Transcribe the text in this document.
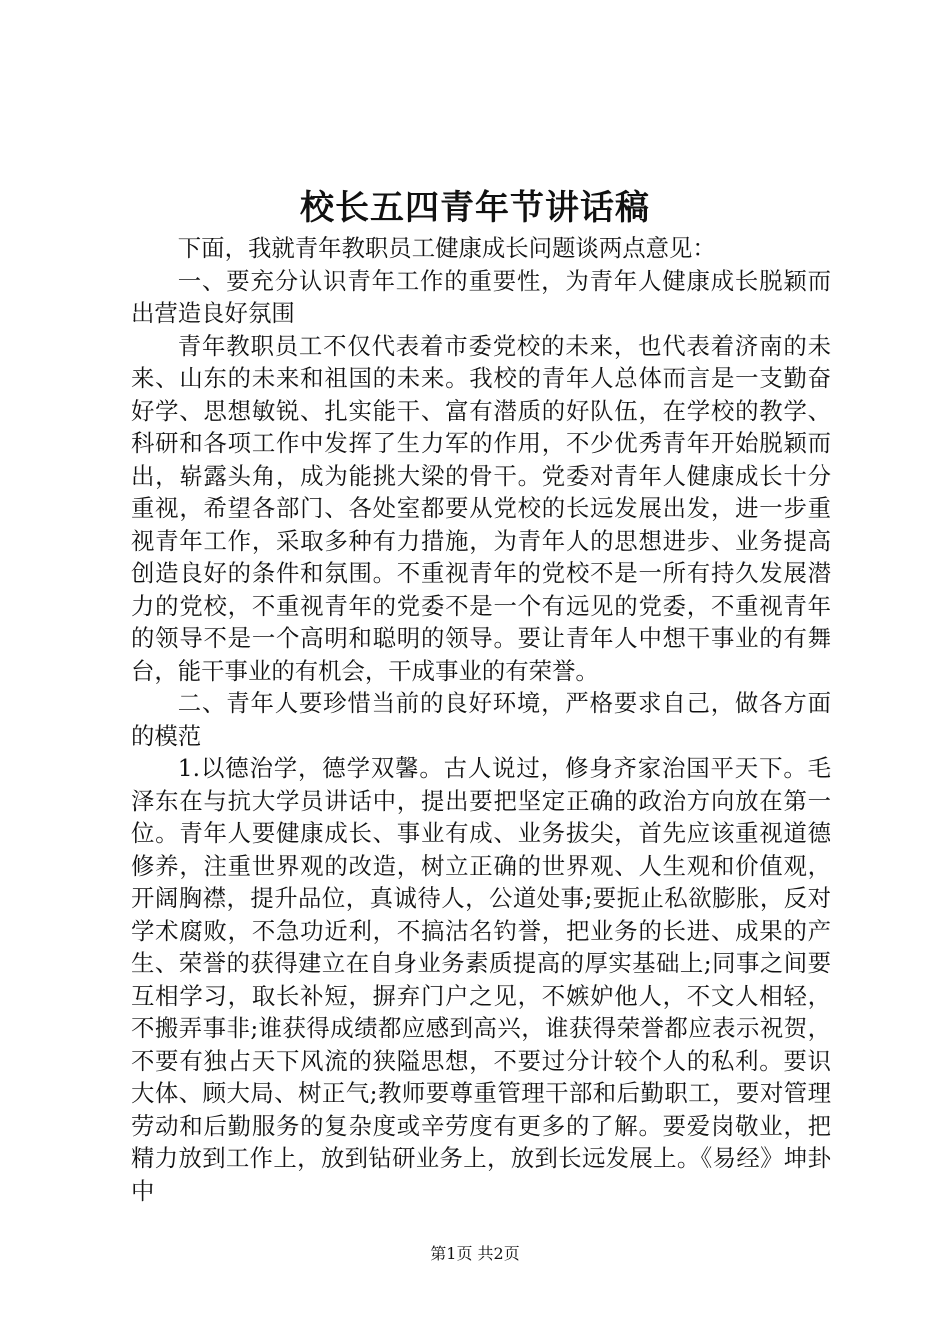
校长五四青年节讲话稿

下面，我就青年教职员工健康成长问题谈两点意见：

一、要充分认识青年工作的重要性，为青年人健康成长脱颖而出营造良好氛围

青年教职员工不仅代表着市委党校的未来，也代表着济南的未来、山东的未来和祖国的未来。我校的青年人总体而言是一支勤奋好学、思想敏锐、扎实能干、富有潜质的好队伍，在学校的教学、科研和各项工作中发挥了生力军的作用，不少优秀青年开始脱颖而出，崭露头角，成为能挑大梁的骨干。党委对青年人健康成长十分重视，希望各部门、各处室都要从党校的长远发展出发，进一步重视青年工作，采取多种有力措施，为青年人的思想进步、业务提高创造良好的条件和氛围。不重视青年的党校不是一所有持久发展潜力的党校，不重视青年的党委不是一个有远见的党委，不重视青年的领导不是一个高明和聪明的领导。要让青年人中想干事业的有舞台，能干事业的有机会，干成事业的有荣誉。

二、青年人要珍惜当前的良好环境，严格要求自己，做各方面的模范

1.以德治学，德学双馨。古人说过，修身齐家治国平天下。毛泽东在与抗大学员讲话中，提出要把坚定正确的政治方向放在第一位。青年人要健康成长、事业有成、业务拔尖，首先应该重视道德修养，注重世界观的改造，树立正确的世界观、人生观和价值观，开阔胸襟，提升品位，真诚待人，公道处事;要扼止私欲膨胀，反对学术腐败，不急功近利，不搞沽名钓誉，把业务的长进、成果的产生、荣誉的获得建立在自身业务素质提高的厚实基础上;同事之间要互相学习，取长补短，摒弃门户之见，不嫉妒他人，不文人相轻，不搬弄事非;谁获得成绩都应感到高兴，谁获得荣誉都应表示祝贺，不要有独占天下风流的狭隘思想，不要过分计较个人的私利。要识大体、顾大局、树正气;教师要尊重管理干部和后勤职工，要对管理劳动和后勤服务的复杂度或辛劳度有更多的了解。要爱岗敬业，把精力放到工作上，放到钻研业务上，放到长远发展上。《易经》坤卦中

第1页 共2页
